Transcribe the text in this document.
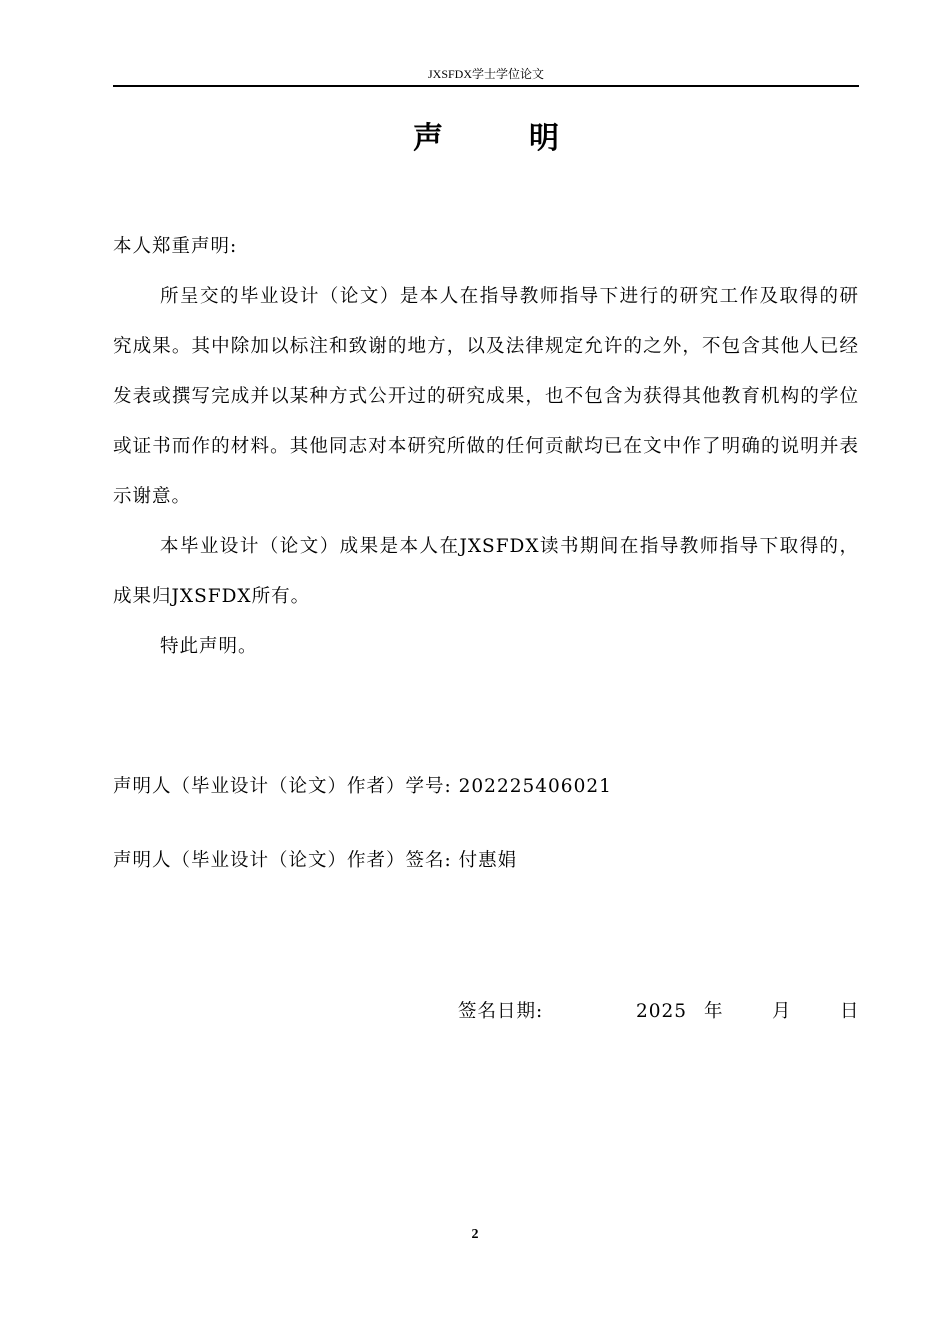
JXSFDX学士学位论文
声明

本人郑重声明:

所呈交的毕业设计（论文）是本人在指导教师指导下进行的研究工作及取得的研究成果。其中除加以标注和致谢的地方，以及法律规定允许的之外，不包含其他人已经发表或撰写完成并以某种方式公开过的研究成果，也不包含为获得其他教育机构的学位或证书而作的材料。其他同志对本研究所做的任何贡献均已在文中作了明确的说明并表示谢意。

本毕业设计（论文）成果是本人在JXSFDX读书期间在指导教师指导下取得的，成果归JXSFDX所有。

特此声明。

声明人（毕业设计（论文）作者）学号: 202225406021
声明人（毕业设计（论文）作者）签名: 付惠娟
签名日期:	2025 年	月	日
2
